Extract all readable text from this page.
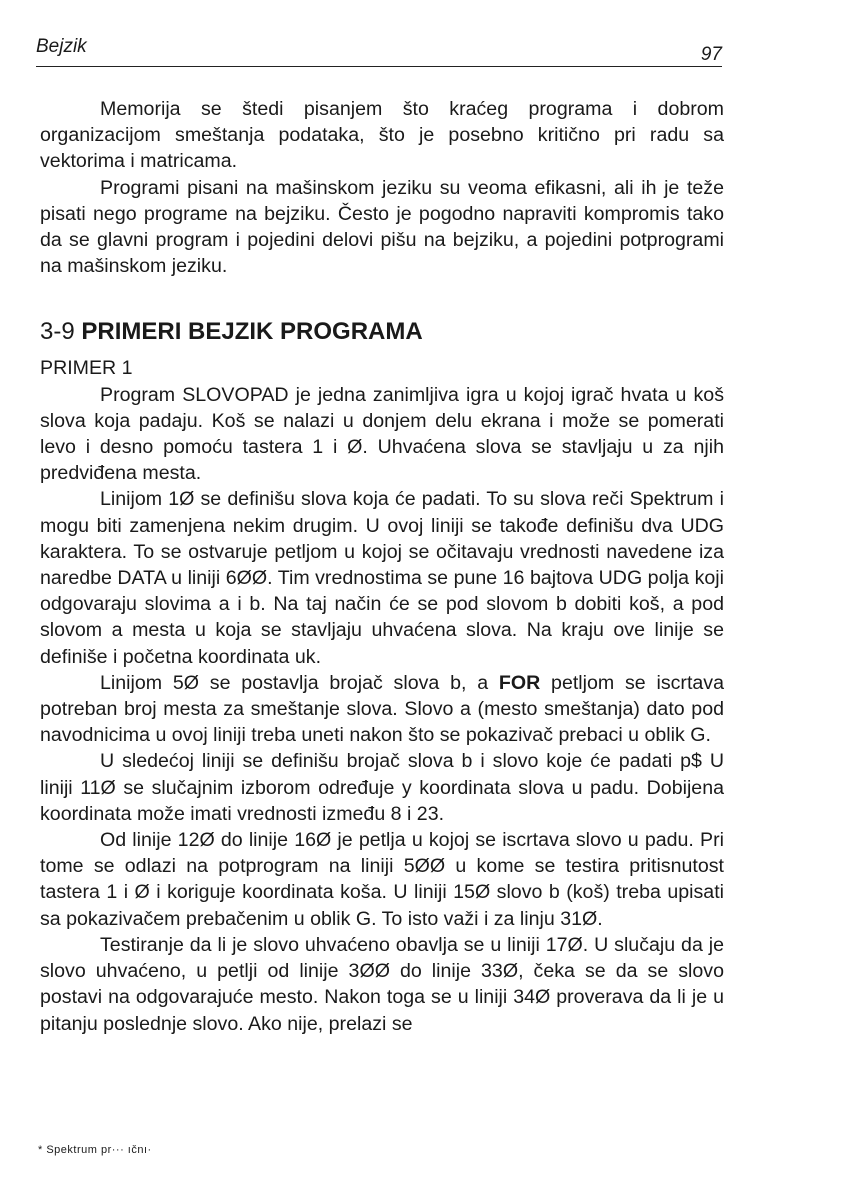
Bejzik	97

Memorija se štedi pisanjem što kraćeg programa i dobrom organizacijom smeštanja podataka, što je posebno kritično pri radu sa vektorima i matricama.

Programi pisani na mašinskom jeziku su veoma efikasni, ali ih je teže pisati nego programe na bejziku. Često je pogodno napraviti kompromis tako da se glavni program i pojedini delovi pišu na bejziku, a pojedini potprogrami na mašinskom jeziku.

3-9 PRIMERI BEJZIK PROGRAMA

PRIMER 1

Program SLOVOPAD je jedna zanimljiva igra u kojoj igrač hvata u koš slova koja padaju. Koš se nalazi u donjem delu ekrana i može se pomerati levo i desno pomoću tastera 1 i Ø. Uhvaćena slova se stavljaju u za njih predviđena mesta.

Linijom 1Ø se definišu slova koja će padati. To su slova reči Spektrum i mogu biti zamenjena nekim drugim. U ovoj liniji se takođe definišu dva UDG karaktera. To se ostvaruje petljom u kojoj se očitavaju vrednosti navedene iza naredbe DATA u liniji 6ØØ. Tim vrednostima se pune 16 bajtova UDG polja koji odgovaraju slovima a i b. Na taj način će se pod slovom b dobiti koš, a pod slovom a mesta u koja se stavljaju uhvaćena slova. Na kraju ove linije se definiše i početna koordinata uk.

Linijom 5Ø se postavlja brojač slova b, a FOR petljom se iscrtava potreban broj mesta za smeštanje slova. Slovo a (mesto smeštanja) dato pod navodnicima u ovoj liniji treba uneti nakon što se pokazivač prebaci u oblik G.

U sledećoj liniji se definišu brojač slova b i slovo koje će padati p$ U liniji 11Ø se slučajnim izborom određuje y koordinata slova u padu. Dobijena koordinata može imati vrednosti između 8 i 23.

Od linije 12Ø do linije 16Ø je petlja u kojoj se iscrtava slovo u padu. Pri tome se odlazi na potprogram na liniji 5ØØ u kome se testira pritisnutost tastera 1 i Ø i koriguje koordinata koša. U liniji 15Ø slovo b (koš) treba upisati sa pokazivačem prebačenim u oblik G. To isto važi i za linju 31Ø.

Testiranje da li je slovo uhvaćeno obavlja se u liniji 17Ø. U slučaju da je slovo uhvaćeno, u petlji od linije 3ØØ do linije 33Ø, čeka se da se slovo postavi na odgovarajuće mesto. Nakon toga se u liniji 34Ø proverava da li je u pitanju poslednje slovo. Ako nije, prelazi se

* Spektrum pr··· ıčnı·
